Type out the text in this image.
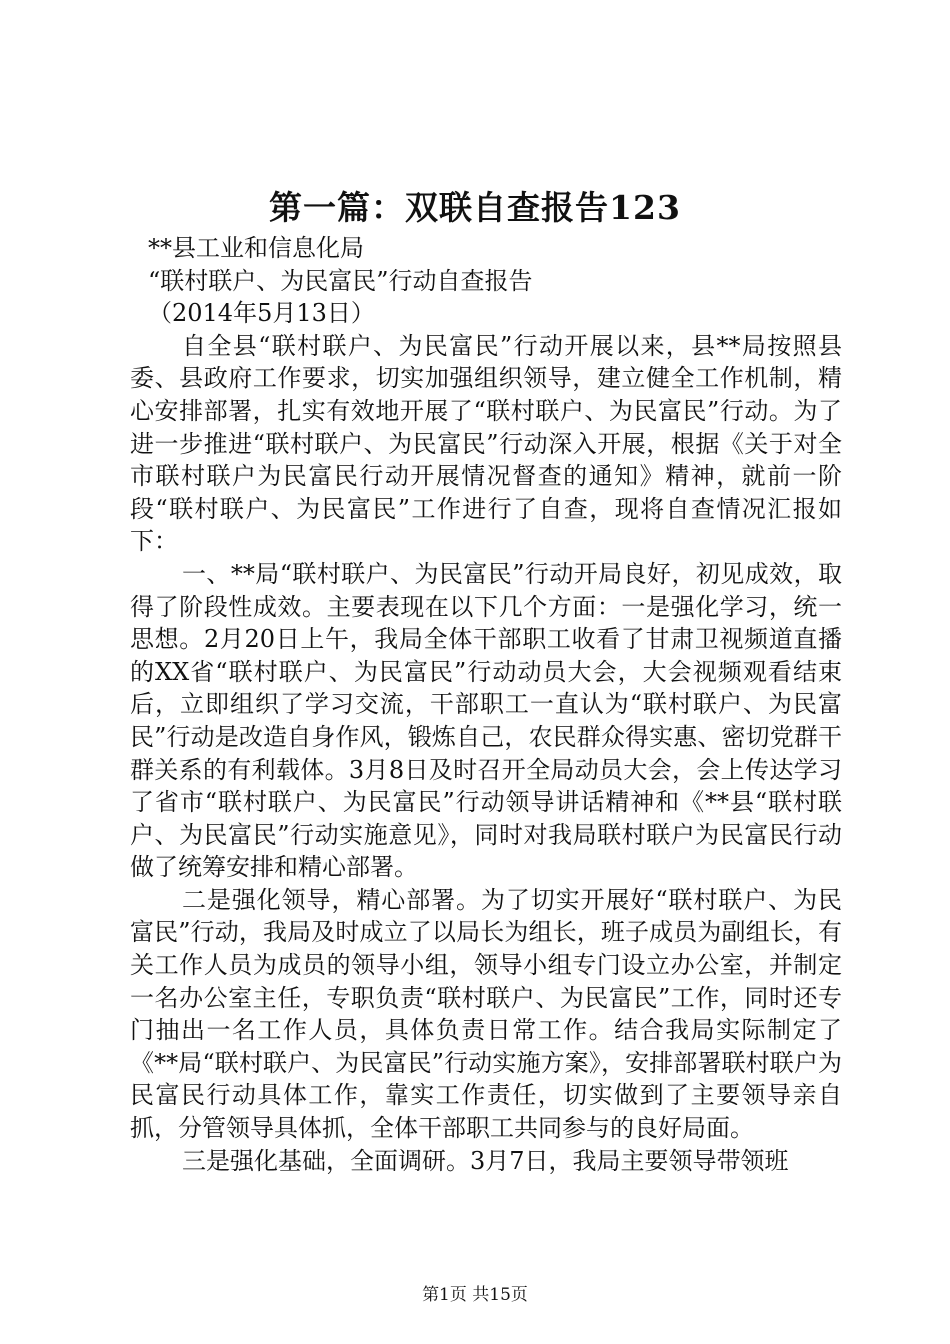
第一篇：双联自查报告123

**县工业和信息化局

“联村联户、为民富民”行动自查报告

（2014年5月13日）

自全县“联村联户、为民富民”行动开展以来，县**局按照县委、县政府工作要求，切实加强组织领导，建立健全工作机制，精心安排部署，扎实有效地开展了“联村联户、为民富民”行动。为了进一步推进“联村联户、为民富民”行动深入开展，根据《关于对全市联村联户为民富民行动开展情况督查的通知》精神，就前一阶段“联村联户、为民富民”工作进行了自查，现将自查情况汇报如下：

一、**局“联村联户、为民富民”行动开局良好，初见成效，取得了阶段性成效。主要表现在以下几个方面：一是强化学习，统一思想。2月20日上午，我局全体干部职工收看了甘肃卫视频道直播的XX省“联村联户、为民富民”行动动员大会，大会视频观看结束后，立即组织了学习交流，干部职工一直认为“联村联户、为民富民”行动是改造自身作风，锻炼自己，农民群众得实惠、密切党群干群关系的有利载体。3月8日及时召开全局动员大会，会上传达学习了省市“联村联户、为民富民”行动领导讲话精神和《**县“联村联户、为民富民”行动实施意见》，同时对我局联村联户为民富民行动做了统筹安排和精心部署。

二是强化领导，精心部署。为了切实开展好“联村联户、为民富民”行动，我局及时成立了以局长为组长，班子成员为副组长，有关工作人员为成员的领导小组，领导小组专门设立办公室，并制定一名办公室主任，专职负责“联村联户、为民富民”工作，同时还专门抽出一名工作人员，具体负责日常工作。结合我局实际制定了《**局“联村联户、为民富民”行动实施方案》，安排部署联村联户为民富民行动具体工作，靠实工作责任，切实做到了主要领导亲自抓，分管领导具体抓，全体干部职工共同参与的良好局面。

三是强化基础，全面调研。3月7日，我局主要领导带领班

第1页 共15页
